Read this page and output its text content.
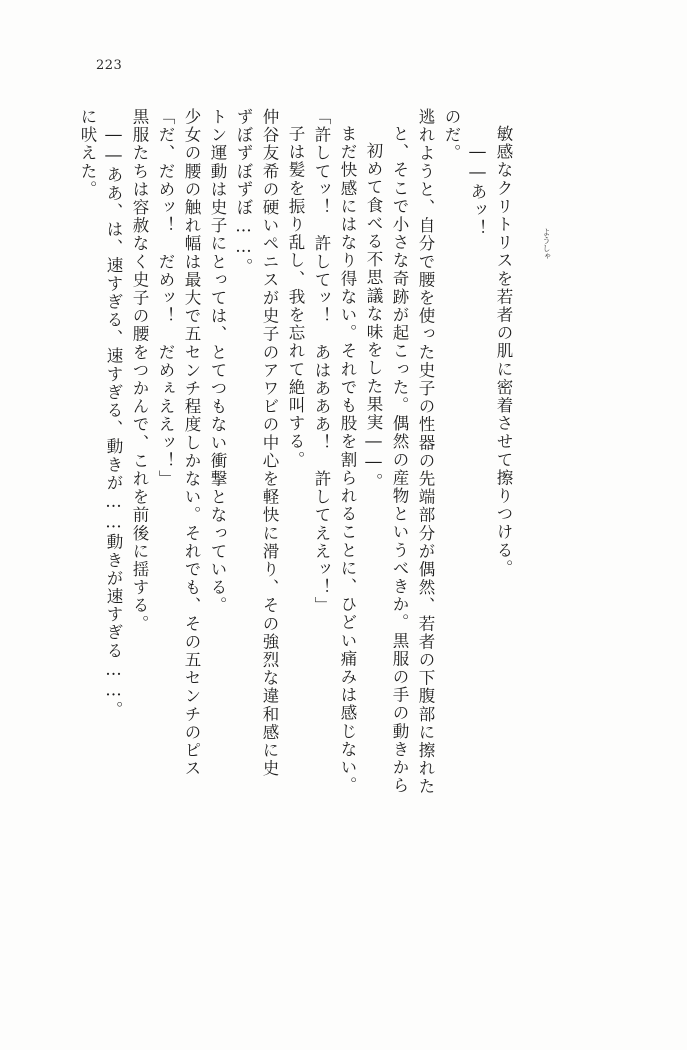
223
に吠えた。 ――ああ、は、速すぎる、速すぎる、動きが……動きが速すぎる……。 黒服たちは容赦なく史子の腰をつかんで、これを前後に揺する。 「だ、だめッ！　だめッ！　だめぇええッ！」 少女の腰の触れ幅は最大で五センチ程度しかない。それでも、その五センチのピス トン運動は史子にとっては、とてつもない衝撃となっている。 ずぼずぼずぼ……。 仲谷友希の硬いペニスが史子のアワビの中心を軽快に滑り、その強烈な違和感に史 子は髪を振り乱し、我を忘れて絶叫する。 「許してッ！　許してッ！　あはあああ！　許してええッ！」 まだ快感にはなり得ない。それでも股を割られることに、ひどい痛みは感じない。 初めて食べる不思議な味をした果実――。 と、そこで小さな奇跡が起こった。偶然の産物というべきか。黒服の手の動きから 逃れようと、自分で腰を使った史子の性器の先端部分が偶然、若者の下腹部に擦れた のだ。
――あッ！ 敏感なクリトリスを若者の肌に密着させて擦りつける。	ようしゃ
